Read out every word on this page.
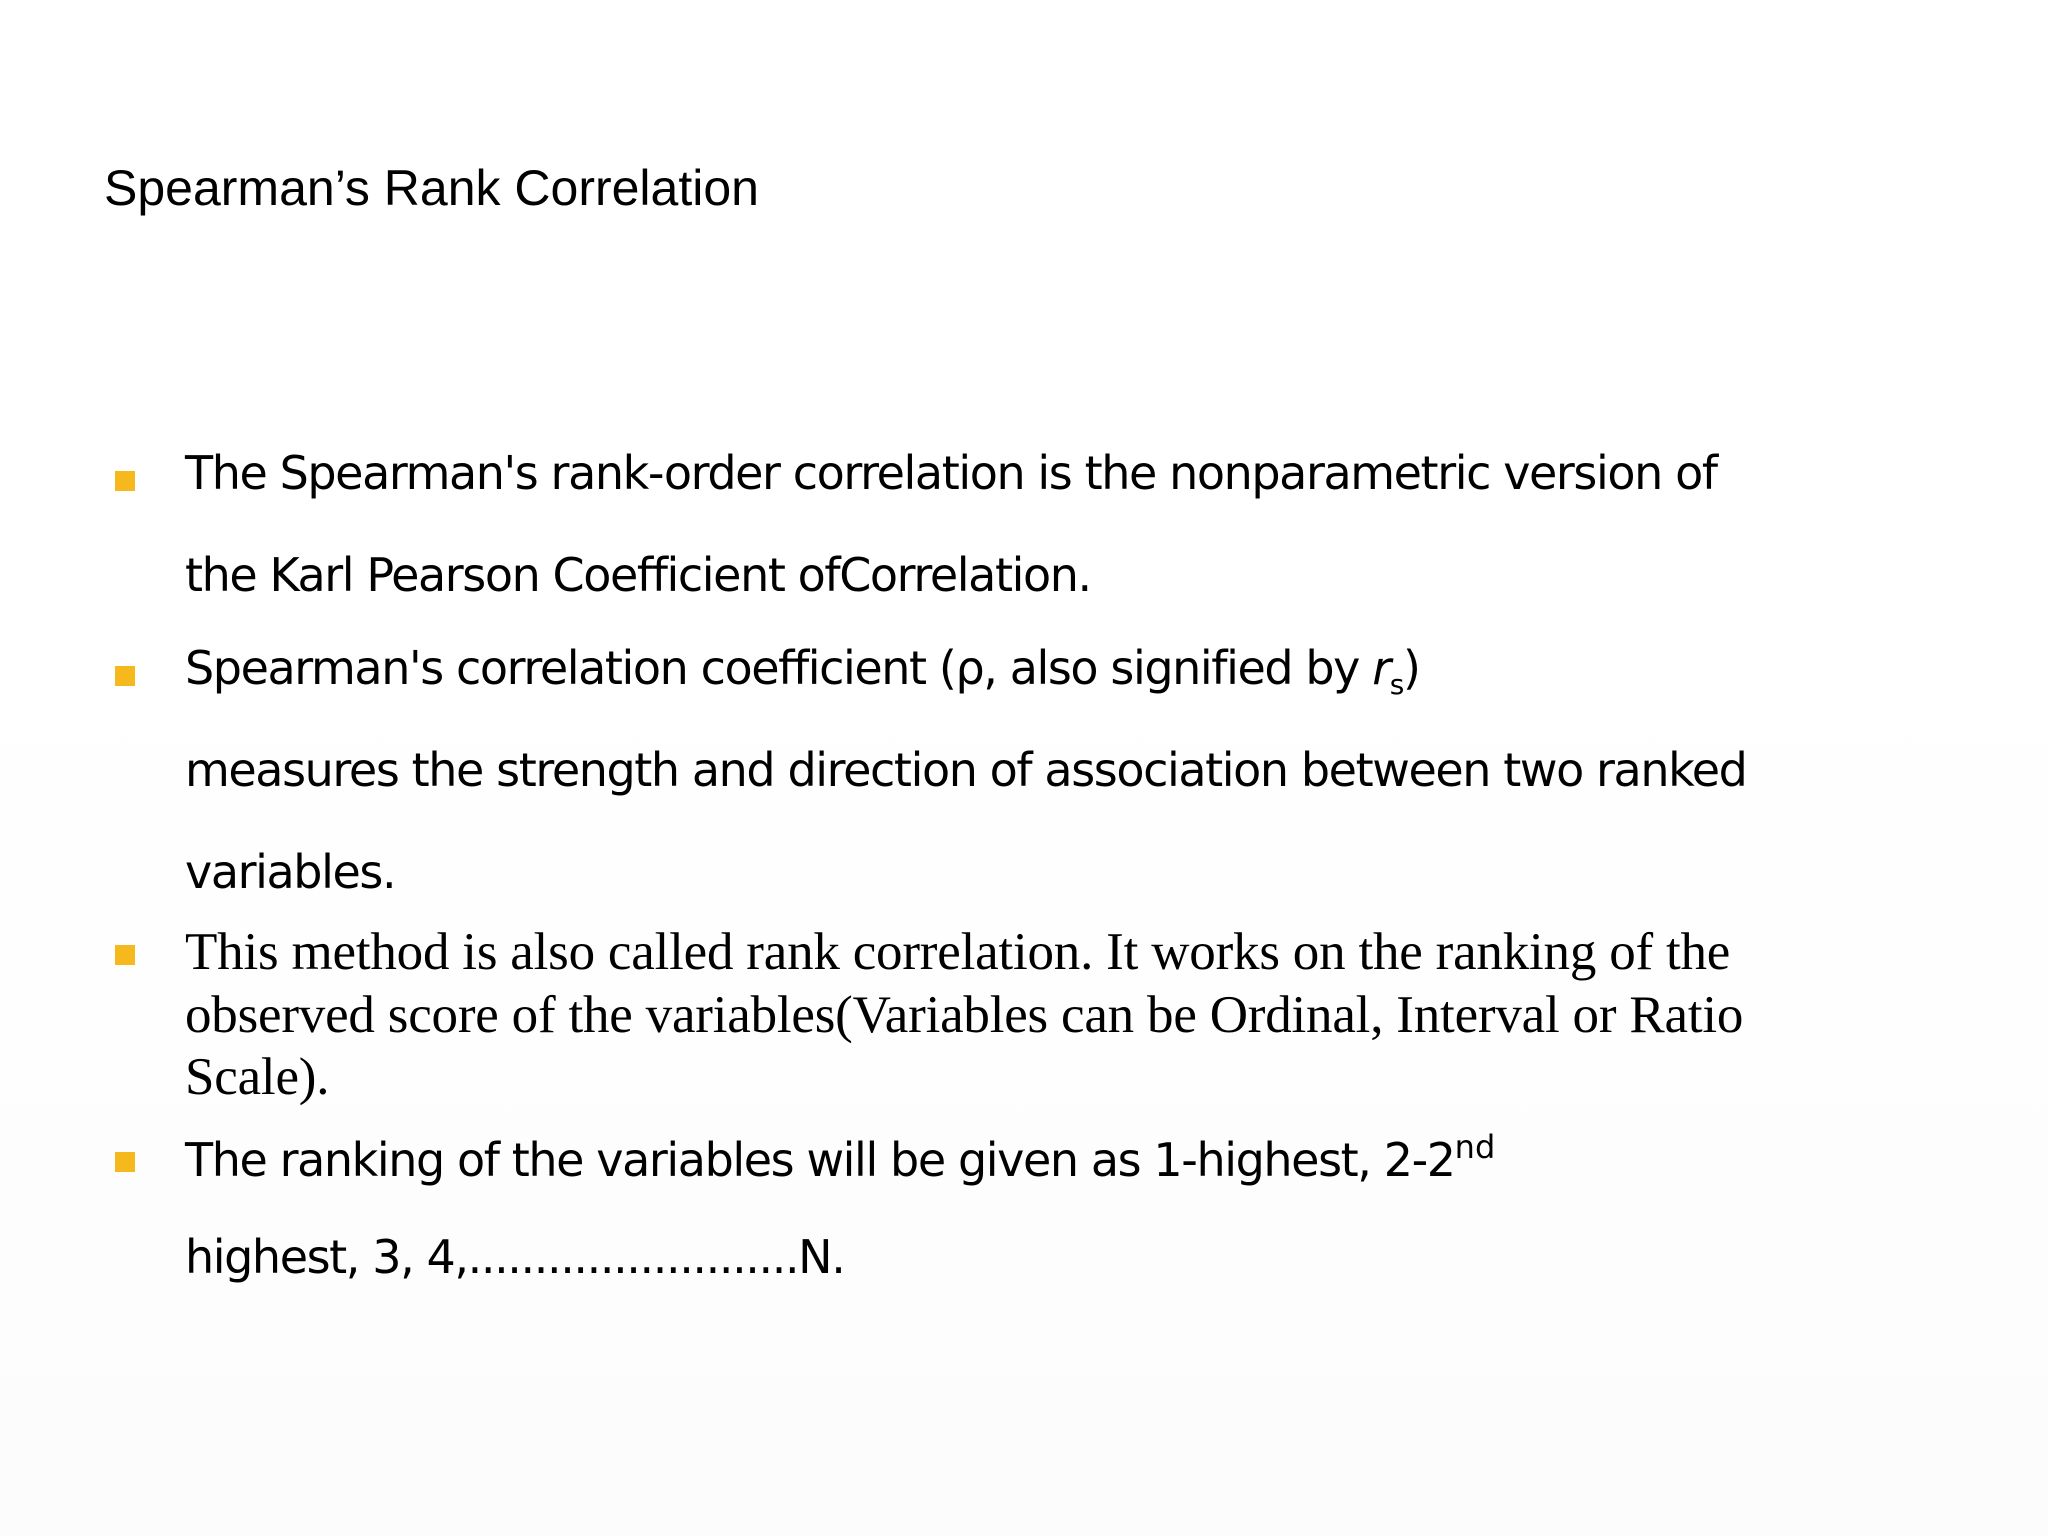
Spearman’s Rank Correlation
The Spearman's rank-order correlation is the nonparametric version of
the Karl Pearson Coefficient ofCorrelation.
Spearman's correlation coefficient (ρ, also signified by $r_s$)
measures the strength and direction of association between two ranked
variables.
This method is also called rank correlation. It works on the ranking of the
observed score of the variables(Variables can be Ordinal, Interval or Ratio
Scale).
The ranking of the variables will be given as 1-highest, 2-2nd
highest, 3, 4,.........................N.
